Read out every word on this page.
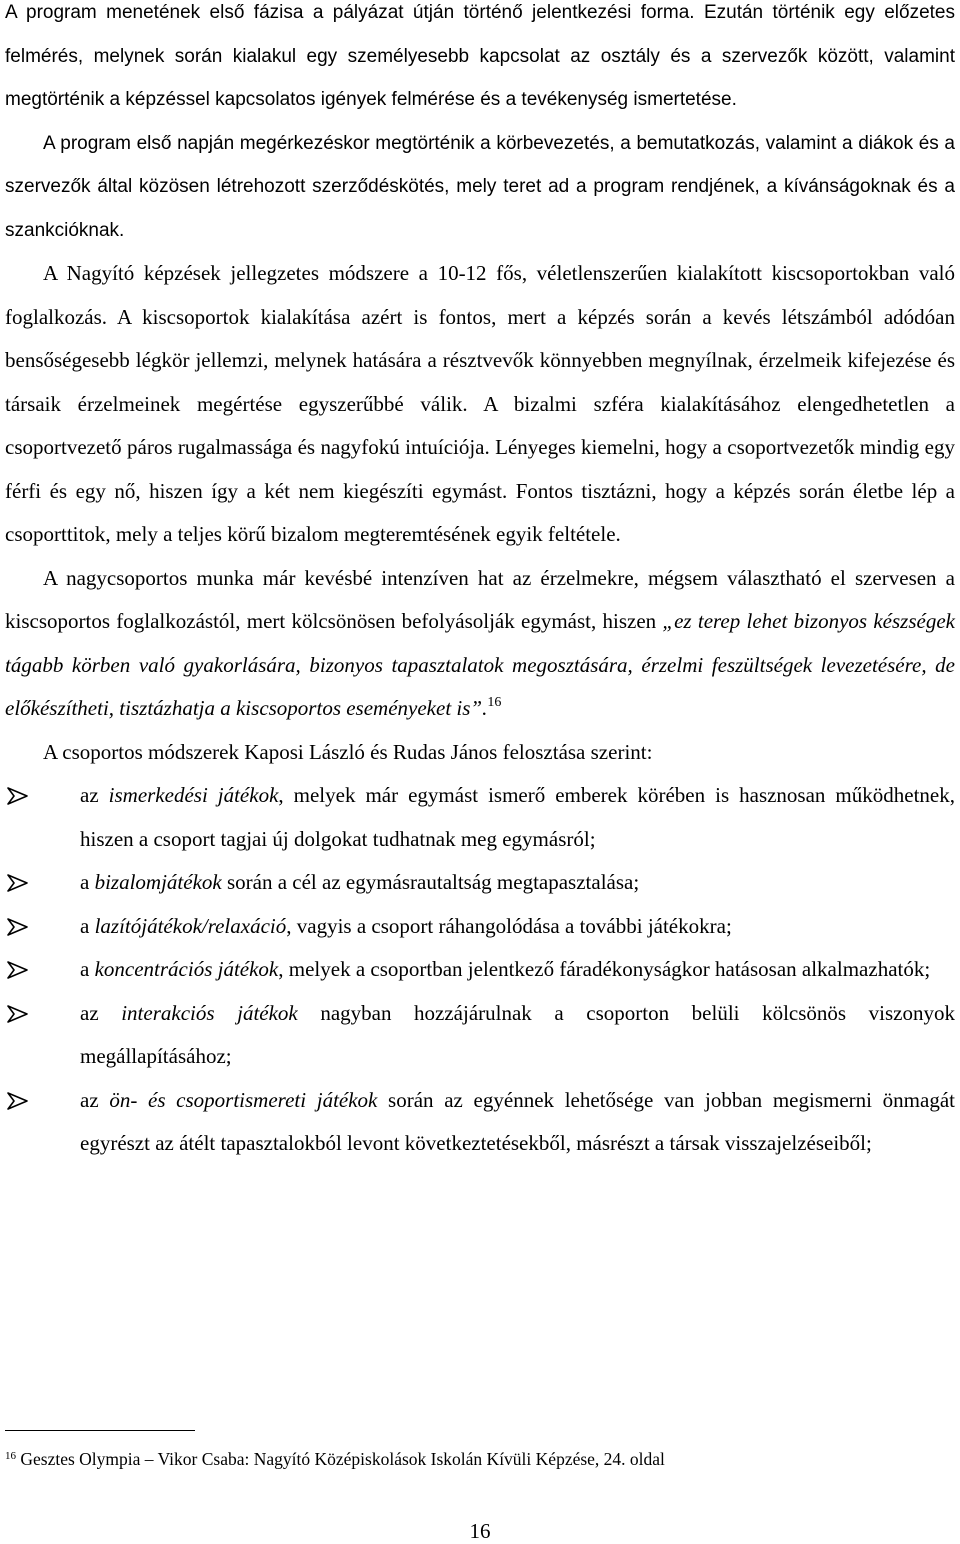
A program menetének első fázisa a pályázat útján történő jelentkezési forma. Ezután történik egy előzetes felmérés, melynek során kialakul egy személyesebb kapcsolat az osztály és a szervezők között, valamint megtörténik a képzéssel kapcsolatos igények felmérése és a tevékenység ismertetése.

A program első napján megérkezéskor megtörténik a körbevezetés, a bemutatkozás, valamint a diákok és a szervezők által közösen létrehozott szerződéskötés, mely teret ad a program rendjének, a kívánságoknak és a szankcióknak.

A Nagyító képzések jellegzetes módszere a 10-12 fős, véletlenszerűen kialakított kiscsoportokban való foglalkozás. A kiscsoportok kialakítása azért is fontos, mert a képzés során a kevés létszámból adódóan bensőségesebb légkör jellemzi, melynek hatására a résztvevők könnyebben megnyílnak, érzelmeik kifejezése és társaik érzelmeinek megértése egyszerűbbé válik. A bizalmi szféra kialakításához elengedhetetlen a csoportvezető páros rugalmassága és nagyfokú intuíciója. Lényeges kiemelni, hogy a csoportvezetők mindig egy férfi és egy nő, hiszen így a két nem kiegészíti egymást. Fontos tisztázni, hogy a képzés során életbe lép a csoporttitok, mely a teljes körű bizalom megteremtésének egyik feltétele.

A nagycsoportos munka már kevésbé intenzíven hat az érzelmekre, mégsem választható el szervesen a kiscsoportos foglalkozástól, mert kölcsönösen befolyásolják egymást, hiszen „ez terep lehet bizonyos készségek tágabb körben való gyakorlására, bizonyos tapasztalatok megosztására, érzelmi feszültségek levezetésére, de előkészítheti, tisztázhatja a kiscsoportos eseményeket is”.$^{16}$

A csoportos módszerek Kaposi László és Rudas János felosztása szerint:

az ismerkedési játékok, melyek már egymást ismerő emberek körében is hasznosan működhetnek, hiszen a csoport tagjai új dolgokat tudhatnak meg egymásról;
a bizalomjátékok során a cél az egymásrautaltság megtapasztalása;
a lazítójátékok/relaxáció, vagyis a csoport ráhangolódása a további játékokra;
a koncentrációs játékok, melyek a csoportban jelentkező fáradékonyságkor hatásosan alkalmazhatók;
az interakciós játékok nagyban hozzájárulnak a csoporton belüli kölcsönös viszonyok megállapításához;
az ön- és csoportismereti játékok során az egyénnek lehetősége van jobban megismerni önmagát egyrészt az átélt tapasztalokból levont következtetésekből, másrészt a társak visszajelzéseiből;
$^{16}$ Gesztes Olympia – Vikor Csaba: Nagyító Középiskolások Iskolán Kívüli Képzése, 24. oldal
16
